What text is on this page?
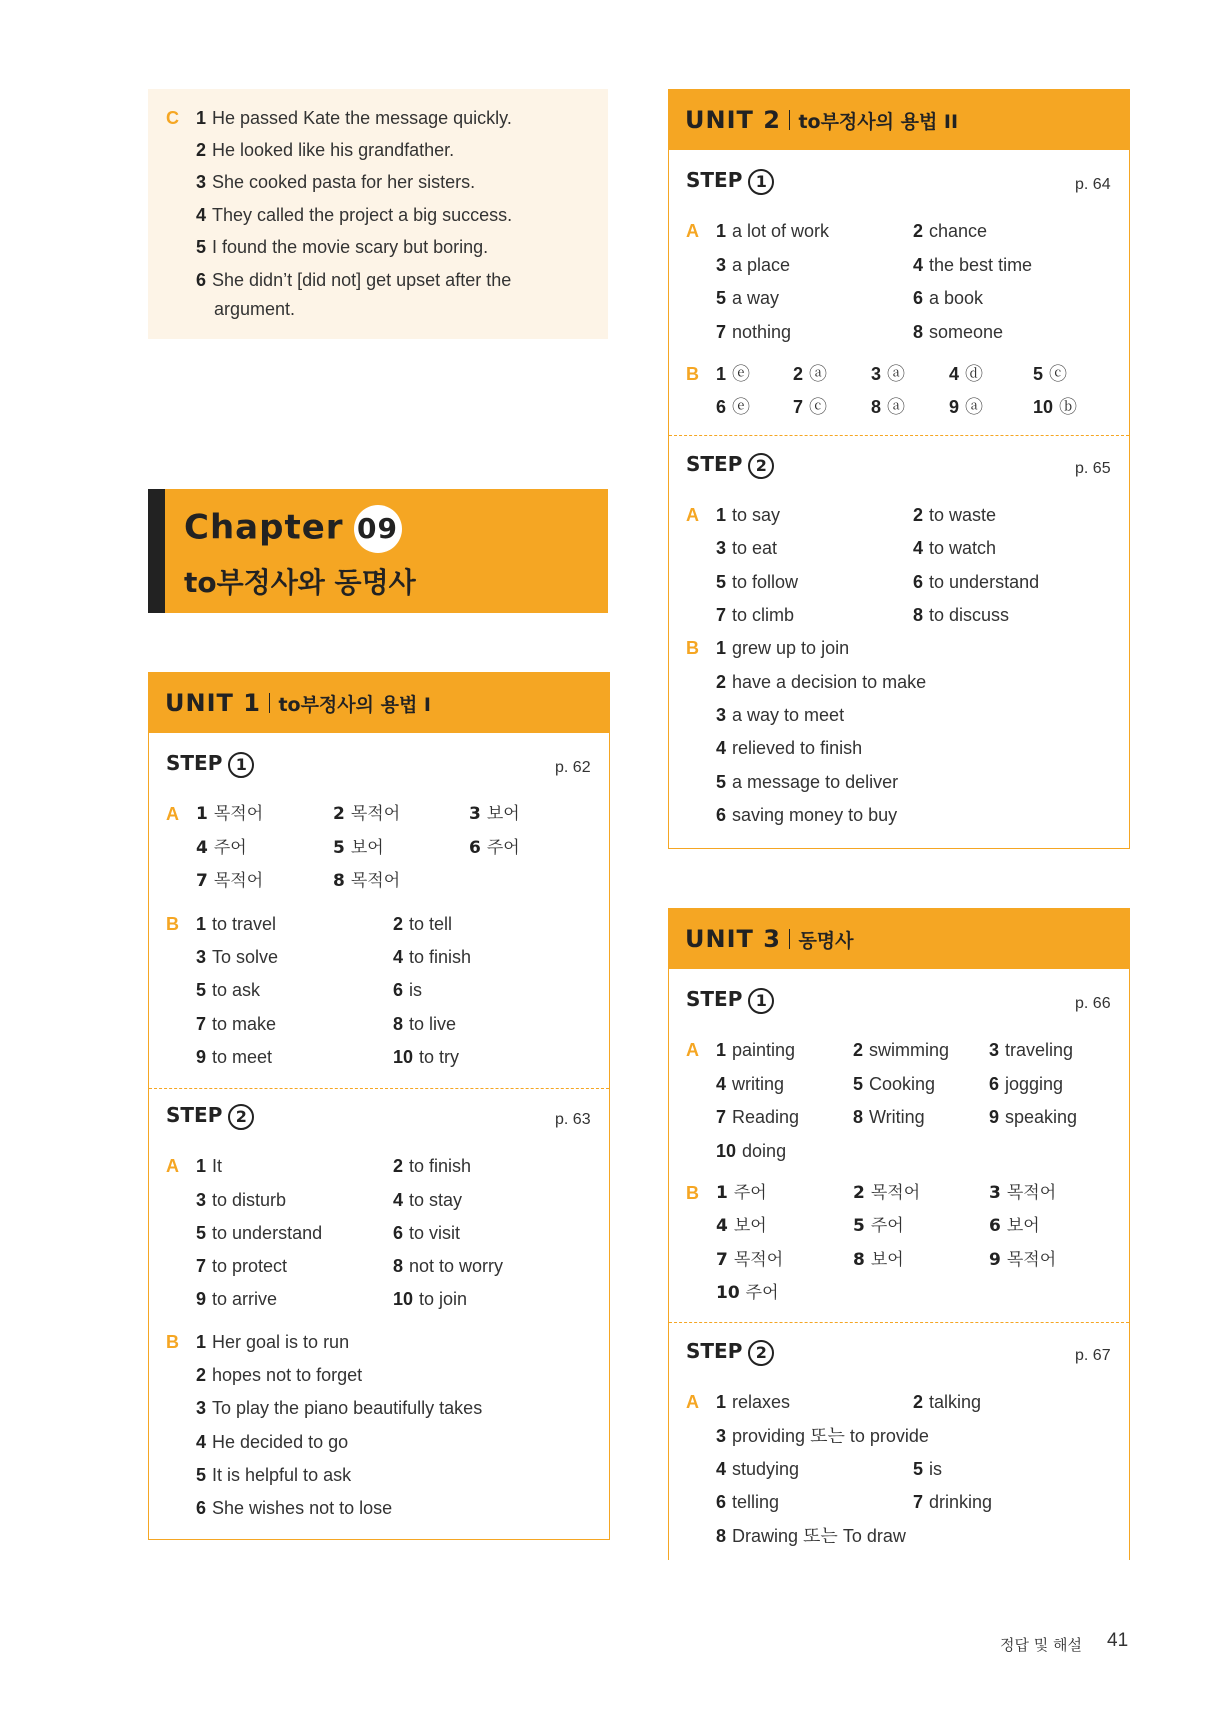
C 1 He passed Kate the message quickly.
2 He looked like his grandfather.
3 She cooked pasta for her sisters.
4 They called the project a big success.
5 I found the movie scary but boring.
6 She didn’t [did not] get upset after the
argument.
Chapter 09
to부정사와 동명사
UNIT 1 to부정사의 용법 I
STEP 1	p. 62
A 1 목적어	2 목적어	3 보어
4 주어	5 보어	6 주어
7 목적어	8 목적어
B 1 to travel	2 to tell
3 To solve	4 to finish
5 to ask	6 is
7 to make	8 to live
9 to meet	10 to try
STEP 2	p. 63
A 1 It	2 to finish
3 to disturb	4 to stay
5 to understand	6 to visit
7 to protect	8 not to worry
9 to arrive	10 to join
B 1 Her goal is to run
2 hopes not to forget
3 To play the piano beautifully takes
4 He decided to go
5 It is helpful to ask
6 She wishes not to lose
UNIT 2 to부정사의 용법 II
STEP 1	p. 64
A 1 a lot of work	2 chance
3 a place	4 the best time
5 a way	6 a book
7 nothing	8 someone
B 1 ⓔ 2 ⓐ 3 ⓐ 4 ⓓ	5 ⓒ
6 ⓔ 7 ⓒ 8 ⓐ 9 ⓐ	10 ⓑ
STEP 2	p. 65
A 1 to say	2 to waste
3 to eat	4 to watch
5 to follow	6 to understand
7 to climb	8 to discuss
B 1 grew up to join
2 have a decision to make
3 a way to meet
4 relieved to finish
5 a message to deliver
6 saving money to buy
UNIT 3 동명사
STEP 1	p. 66
A 1 painting	2 swimming 3 traveling
4 writing	5 Cooking	6 jogging
7 Reading	8 Writing	9 speaking
10 doing
B 1 주어	2 목적어	3 목적어
4 보어	5 주어	6 보어
7 목적어	8 보어	9 목적어
10 주어
STEP 2	p. 67
A 1 relaxes	2 talking
3 providing 또는 to provide
4 studying	5 is
6 telling	7 drinking
8 Drawing 또는 To draw
정답 및 해설 41
